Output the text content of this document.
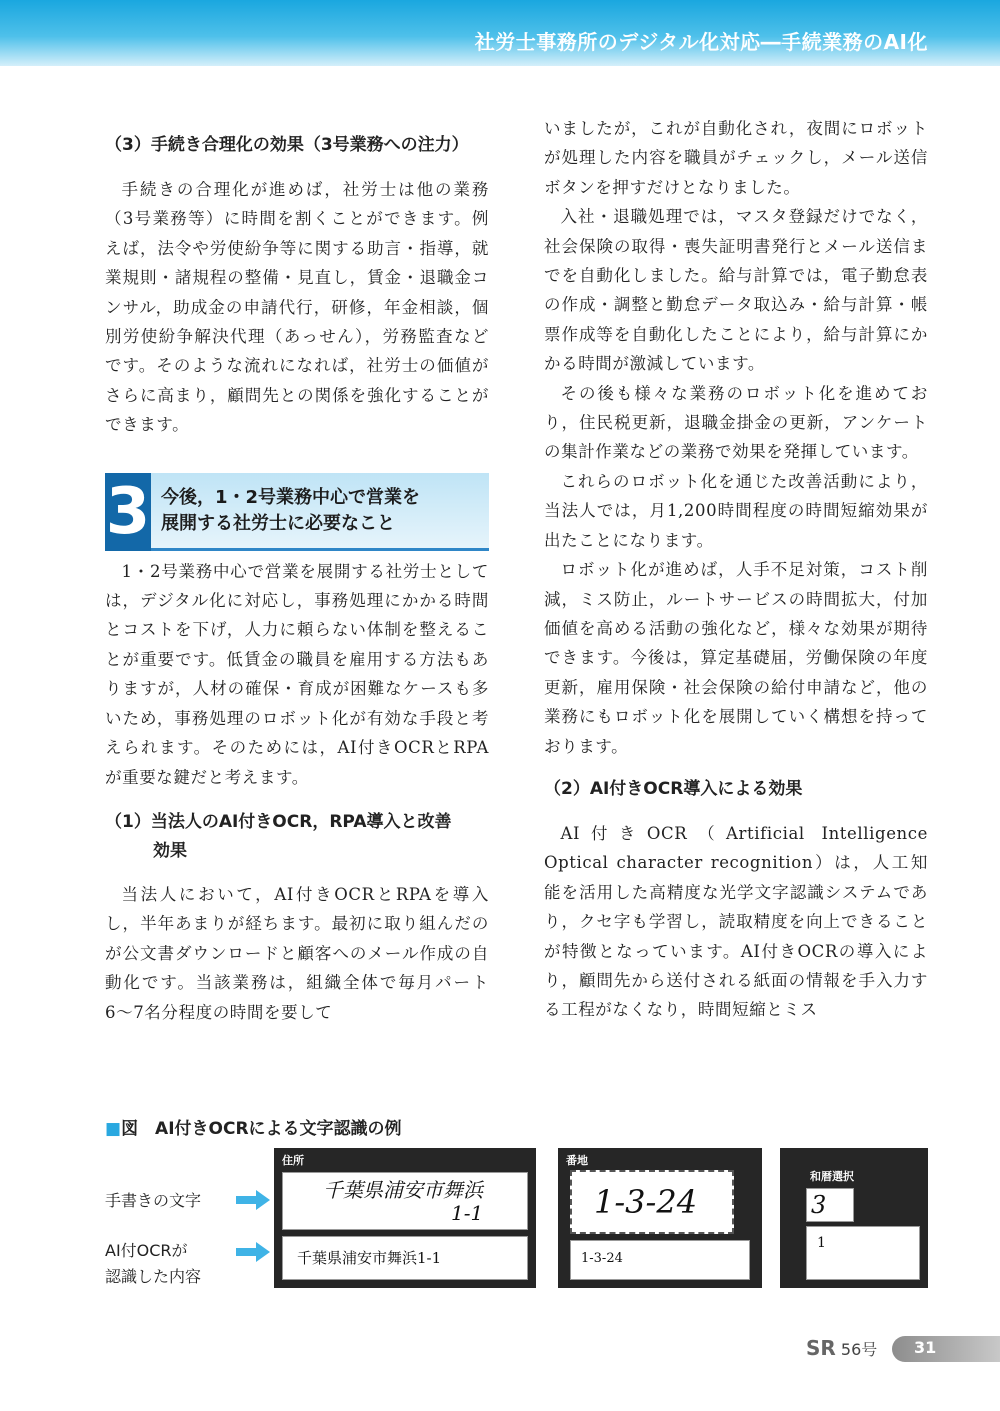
社労士事務所のデジタル化対応―手続業務のAI化
（3）手続き合理化の効果（3号業務への注力）

手続きの合理化が進めば，社労士は他の業務（3号業務等）に時間を割くことができます。例えば，法令や労使紛争等に関する助言・指導，就業規則・諸規程の整備・見直し，賃金・退職金コンサル，助成金の申請代行，研修，年金相談，個別労使紛争解決代理（あっせん），労務監査などです。そのような流れになれば，社労士の価値がさらに高まり，顧問先との関係を強化することができます。

3 今後，1・2号業務中心で営業を
展開する社労士に必要なこと

1・2号業務中心で営業を展開する社労士としては，デジタル化に対応し，事務処理にかかる時間とコストを下げ，人力に頼らない体制を整えることが重要です。低賃金の職員を雇用する方法もありますが，人材の確保・育成が困難なケースも多いため，事務処理のロボット化が有効な手段と考えられます。そのためには，AI付きOCRとRPAが重要な鍵だと考えます。

（1）当法人のAI付きOCR，RPA導入と改善
効果

当法人において，AI付きOCRとRPAを導入し，半年あまりが経ちます。最初に取り組んだのが公文書ダウンロードと顧客へのメール作成の自動化です。当該業務は，組織全体で毎月パート6〜7名分程度の時間を要して

いましたが，これが自動化され，夜間にロボットが処理した内容を職員がチェックし，メール送信ボタンを押すだけとなりました。

入社・退職処理では，マスタ登録だけでなく，社会保険の取得・喪失証明書発行とメール送信までを自動化しました。給与計算では，電子勤怠表の作成・調整と勤怠データ取込み・給与計算・帳票作成等を自動化したことにより，給与計算にかかる時間が激減しています。

その後も様々な業務のロボット化を進めており，住民税更新，退職金掛金の更新，アンケートの集計作業などの業務で効果を発揮しています。

これらのロボット化を通じた改善活動により，当法人では，月1,200時間程度の時間短縮効果が出たことになります。

ロボット化が進めば，人手不足対策，コスト削減，ミス防止，ルートサービスの時間拡大，付加価値を高める活動の強化など，様々な効果が期待できます。今後は，算定基礎届，労働保険の年度更新，雇用保険・社会保険の給付申請など，他の業務にもロボット化を展開していく構想を持っております。

（2）AI付きOCR導入による効果

AI付きOCR（Artificial Intelligence Optical character recognition）は，人工知能を活用した高精度な光学文字認識システムであり，クセ字も学習し，読取精度を向上できることが特徴となっています。AI付きOCRの導入により，顧問先から送付される紙面の情報を手入力する工程がなくなり，時間短縮とミス

■図　AI付きOCRによる文字認識の例
手書きの文字
AI付OCRが
認識した内容
住所
千葉県浦安市舞浜
1-1
千葉県浦安市舞浜1-1
番地
1-3-24
1-3-24
和暦選択
3
1
SR 56号 31
